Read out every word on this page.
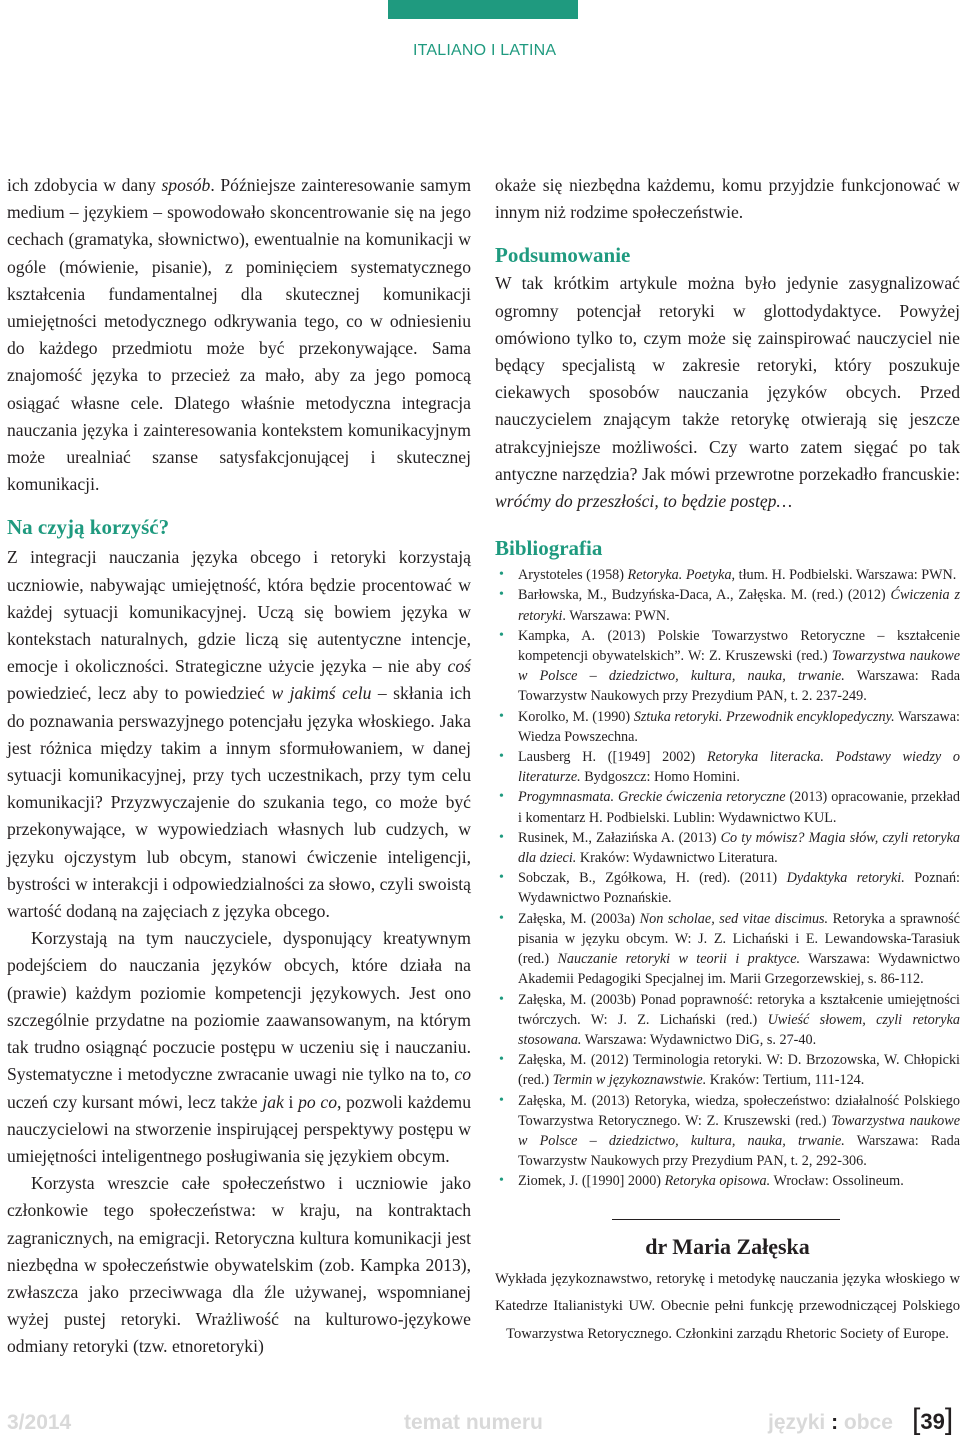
ITALIANO I LATINA

ich zdobycia w dany sposób. Późniejsze zainteresowanie samym medium – językiem – spowodowało skoncentrowanie się na jego cechach (gramatyka, słownictwo), ewentualnie na komunikacji w ogóle (mówienie, pisanie), z pominięciem systematycznego kształcenia fundamentalnej dla skutecznej komunikacji umiejętności metodycznego odkrywania tego, co w odniesieniu do każdego przedmiotu może być przekonywające. Sama znajomość języka to przecież za mało, aby za jego pomocą osiągać własne cele. Dlatego właśnie metodyczna integracja nauczania języka i zainteresowania kontekstem komunikacyjnym może urealniać szanse satysfakcjonującej i skutecznej komunikacji.

Na czyją korzyść?

Z integracji nauczania języka obcego i retoryki korzystają uczniowie, nabywając umiejętność, która będzie procentować w każdej sytuacji komunikacyjnej. Uczą się bowiem języka w kontekstach naturalnych, gdzie liczą się autentyczne intencje, emocje i okoliczności. Strategiczne użycie języka – nie aby coś powiedzieć, lecz aby to powiedzieć w jakimś celu – skłania ich do poznawania perswazyjnego potencjału języka włoskiego. Jaka jest różnica między takim a innym sformułowaniem, w danej sytuacji komunikacyjnej, przy tych uczestnikach, przy tym celu komunikacji? Przyzwyczajenie do szukania tego, co może być przekonywające, w wypowiedziach własnych lub cudzych, w języku ojczystym lub obcym, stanowi ćwiczenie inteligencji, bystrości w interakcji i odpowiedzialności za słowo, czyli swoistą wartość dodaną na zajęciach z języka obcego.

Korzystają na tym nauczyciele, dysponujący kreatywnym podejściem do nauczania języków obcych, które działa na (prawie) każdym poziomie kompetencji językowych. Jest ono szczególnie przydatne na poziomie zaawansowanym, na którym tak trudno osiągnąć poczucie postępu w uczeniu się i nauczaniu. Systematyczne i metodyczne zwracanie uwagi nie tylko na to, co uczeń czy kursant mówi, lecz także jak i po co, pozwoli każdemu nauczycielowi na stworzenie inspirującej perspektywy postępu w umiejętności inteligentnego posługiwania się językiem obcym.

Korzysta wreszcie całe społeczeństwo i uczniowie jako członkowie tego społeczeństwa: w kraju, na kontraktach zagranicznych, na emigracji. Retoryczna kultura komunikacji jest niezbędna w społeczeństwie obywatelskim (zob. Kampka 2013), zwłaszcza jako przeciwwaga dla źle używanej, wspomnianej wyżej pustej retoryki. Wrażliwość na kulturowo-językowe odmiany retoryki (tzw. etnoretoryki)

okaże się niezbędna każdemu, komu przyjdzie funkcjonować w innym niż rodzime społeczeństwie.

Podsumowanie

W tak krótkim artykule można było jedynie zasygnalizować ogromny potencjał retoryki w glottodydaktyce. Powyżej omówiono tylko to, czym może się zainspirować nauczyciel nie będący specjalistą w zakresie retoryki, który poszukuje ciekawych sposobów nauczania języków obcych. Przed nauczycielem znającym także retorykę otwierają się jeszcze atrakcyjniejsze możliwości. Czy warto zatem sięgać po tak antyczne narzędzia? Jak mówi przewrotne porzekadło francuskie: wróćmy do przeszłości, to będzie postęp…

Bibliografia
• Arystoteles (1958) Retoryka. Poetyka, tłum. H. Podbielski. Warszawa: PWN.
• Barłowska, M., Budzyńska-Daca, A., Załęska. M. (red.) (2012) Ćwiczenia z retoryki. Warszawa: PWN.
• Kampka, A. (2013) Polskie Towarzystwo Retoryczne – kształcenie kompetencji obywatelskich”. W: Z. Kruszewski (red.) Towarzystwa naukowe w Polsce – dziedzictwo, kultura, nauka, trwanie. Warszawa: Rada Towarzystw Naukowych przy Prezydium PAN, t. 2. 237-249.
• Korolko, M. (1990) Sztuka retoryki. Przewodnik encyklopedyczny. Warszawa: Wiedza Powszechna.
• Lausberg H. ([1949] 2002) Retoryka literacka. Podstawy wiedzy o literaturze. Bydgoszcz: Homo Homini.
• Progymnasmata. Greckie ćwiczenia retoryczne (2013) opracowanie, przekład i komentarz H. Podbielski. Lublin: Wydawnictwo KUL.
• Rusinek, M., Załazińska A. (2013) Co ty mówisz? Magia słów, czyli retoryka dla dzieci. Kraków: Wydawnictwo Literatura.
• Sobczak, B., Zgółkowa, H. (red). (2011) Dydaktyka retoryki. Poznań: Wydawnictwo Poznańskie.
• Załęska, M. (2003a) Non scholae, sed vitae discimus. Retoryka a sprawność pisania w języku obcym. W: J. Z. Lichański i E. Lewandowska-Tarasiuk (red.) Nauczanie retoryki w teorii i praktyce. Warszawa: Wydawnictwo Akademii Pedagogiki Specjalnej im. Marii Grzegorzewskiej, s. 86-112.
• Załęska, M. (2003b) Ponad poprawność: retoryka a kształcenie umiejętności twórczych. W: J. Z. Lichański (red.) Uwieść słowem, czyli retoryka stosowana. Warszawa: Wydawnictwo DiG, s. 27-40.
• Załęska, M. (2012) Terminologia retoryki. W: D. Brzozowska, W. Chłopicki (red.) Termin w językoznawstwie. Kraków: Tertium, 111-124.
• Załęska, M. (2013) Retoryka, wiedza, społeczeństwo: działalność Polskiego Towarzystwa Retorycznego. W: Z. Kruszewski (red.) Towarzystwa naukowe w Polsce – dziedzictwo, kultura, nauka, trwanie. Warszawa: Rada Towarzystw Naukowych przy Prezydium PAN, t. 2, 292-306.
• Ziomek, J. ([1990] 2000) Retoryka opisowa. Wrocław: Ossolineum.
dr Maria Załęska
Wykłada językoznawstwo, retorykę i metodykę nauczania języka włoskiego w Katedrze Italianistyki UW. Obecnie pełni funkcję przewodniczącej Polskiego Towarzystwa Retorycznego. Członkini zarządu Rhetoric Society of Europe.
3/2014	temat numeru	języki : obce [39]
